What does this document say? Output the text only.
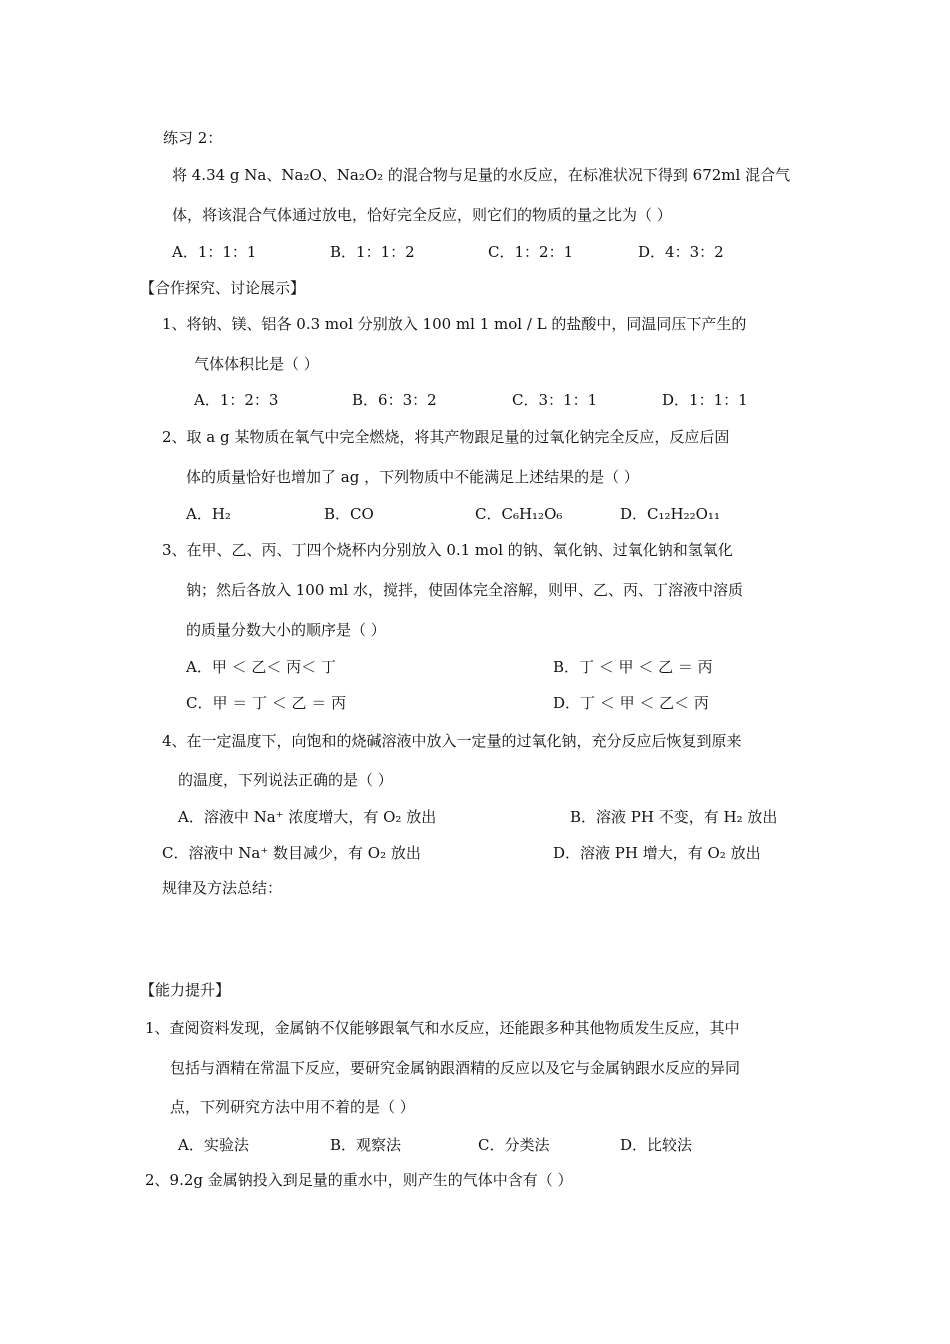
练习 2：
将 4.34 g Na、Na₂O、Na₂O₂ 的混合物与足量的水反应，在标准状况下得到 672ml 混合气
体，将该混合气体通过放电，恰好完全反应，则它们的物质的量之比为（ ）
A．1：1：1	B．1：1：2	C．1：2：1	D．4：3：2
【合作探究、讨论展示】
1、将钠、镁、铝各 0.3 mol 分别放入 100 ml 1 mol / L 的盐酸中，同温同压下产生的
气体体积比是（ ）
A．1：2：3	B．6：3：2	C．3：1：1	D．1：1：1
2、取 a g 某物质在氧气中完全燃烧，将其产物跟足量的过氧化钠完全反应，反应后固
体的质量恰好也增加了 ag ，下列物质中不能满足上述结果的是（ ）
A．H₂	B．CO	C．C₆H₁₂O₆	D．C₁₂H₂₂O₁₁
3、在甲、乙、丙、丁四个烧杯内分别放入 0.1 mol 的钠、氧化钠、过氧化钠和氢氧化
钠；然后各放入 100 ml 水，搅拌，使固体完全溶解，则甲、乙、丙、丁溶液中溶质
的质量分数大小的顺序是（ ）
A．甲 ＜ 乙＜ 丙＜ 丁	B．丁 ＜ 甲 ＜ 乙 ＝ 丙
C．甲 ＝ 丁 ＜ 乙 ＝ 丙	D．丁 ＜ 甲 ＜ 乙＜ 丙
4、在一定温度下，向饱和的烧碱溶液中放入一定量的过氧化钠，充分反应后恢复到原来
的温度，下列说法正确的是（ ）
A．溶液中 Na⁺ 浓度增大，有 O₂ 放出	B．溶液 PH 不变，有 H₂ 放出
C．溶液中 Na⁺ 数目减少，有 O₂ 放出	D．溶液 PH 增大，有 O₂ 放出
规律及方法总结：
【能力提升】
1、查阅资料发现，金属钠不仅能够跟氧气和水反应，还能跟多种其他物质发生反应，其中
包括与酒精在常温下反应，要研究金属钠跟酒精的反应以及它与金属钠跟水反应的异同
点，下列研究方法中用不着的是（ ）
A．实验法	B．观察法	C．分类法	D．比较法
2、9.2g 金属钠投入到足量的重水中，则产生的气体中含有（ ）
